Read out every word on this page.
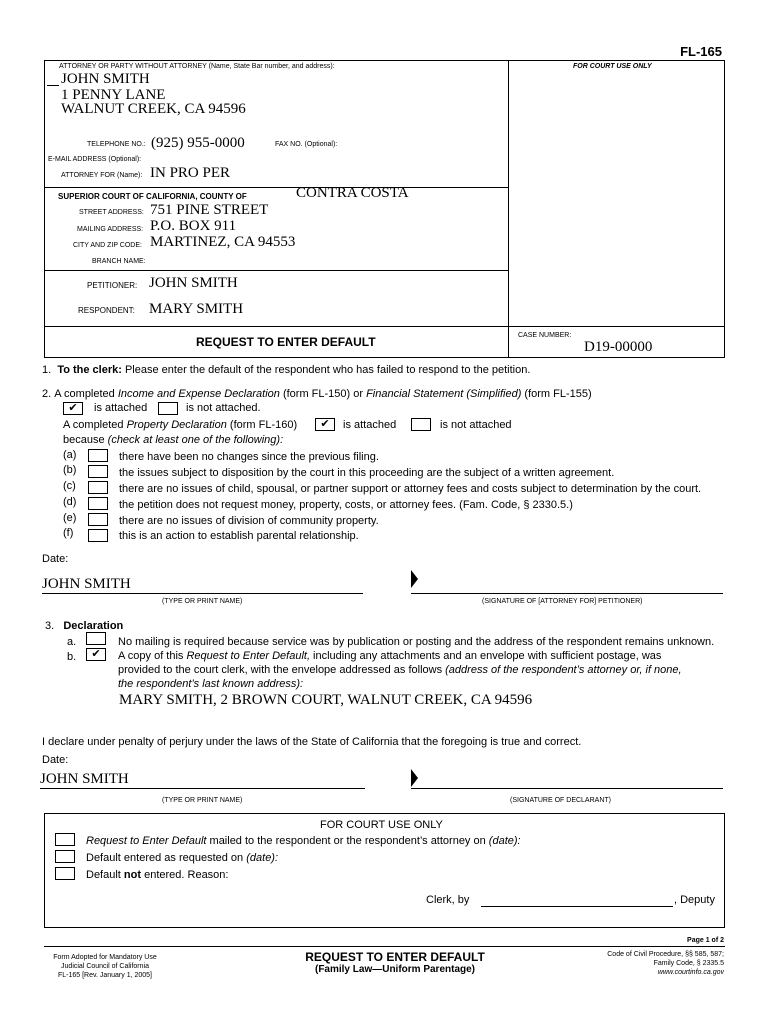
FL-165
ATTORNEY OR PARTY WITHOUT ATTORNEY (Name, State Bar number, and address):	FOR COURT USE ONLY
JOHN SMITH
1 PENNY LANE
WALNUT CREEK, CA 94596
TELEPHONE NO.: (925) 955-0000	FAX NO. (Optional):
E-MAIL ADDRESS (Optional):
ATTORNEY FOR (Name): IN PRO PER
SUPERIOR COURT OF CALIFORNIA, COUNTY OF	CONTRA COSTA
STREET ADDRESS: 751 PINE STREET
MAILING ADDRESS: P.O. BOX 911
CITY AND ZIP CODE: MARTINEZ, CA 94553
BRANCH NAME:
PETITIONER: JOHN SMITH
RESPONDENT: MARY SMITH
REQUEST TO ENTER DEFAULT	CASE NUMBER:
D19-00000
1. To the clerk: Please enter the default of the respondent who has failed to respond to the petition.
2. A completed Income and Expense Declaration (form FL-150) or Financial Statement (Simplified) (form FL-155)
✔	is attached	is not attached.
A completed Property Declaration (form FL-160)	✔	is attached	is not attached
because (check at least one of the following):
(a)	there have been no changes since the previous filing.
(b)	the issues subject to disposition by the court in this proceeding are the subject of a written agreement.
(c)	there are no issues of child, spousal, or partner support or attorney fees and costs subject to determination by the court.
(d)	the petition does not request money, property, costs, or attorney fees. (Fam. Code, § 2330.5.)
(e)	there are no issues of division of community property.
(f)	this is an action to establish parental relationship.
Date:
JOHN SMITH
(TYPE OR PRINT NAME)	(SIGNATURE OF [ATTORNEY FOR] PETITIONER)
3. Declaration
a.	No mailing is required because service was by publication or posting and the address of the respondent remains unknown.
b.	✔	A copy of this Request to Enter Default, including any attachments and an envelope with sufficient postage, was
provided to the court clerk, with the envelope addressed as follows (address of the respondent’s attorney or, if none,
the respondent’s last known address):
MARY SMITH, 2 BROWN COURT, WALNUT CREEK, CA 94596
I declare under penalty of perjury under the laws of the State of California that the foregoing is true and correct.
Date:
JOHN SMITH
(TYPE OR PRINT NAME)	(SIGNATURE OF DECLARANT)
FOR COURT USE ONLY
Request to Enter Default mailed to the respondent or the respondent’s attorney on (date):
Default entered as requested on (date):
Default not entered. Reason:
Clerk, by	, Deputy
Page 1 of 2
Form Adopted for Mandatory Use
Judicial Council of California
FL-165 [Rev. January 1, 2005]
REQUEST TO ENTER DEFAULT
(Family Law—Uniform Parentage)
Code of Civil Procedure, §§ 585, 587;
Family Code, § 2335.5
www.courtinfo.ca.gov
